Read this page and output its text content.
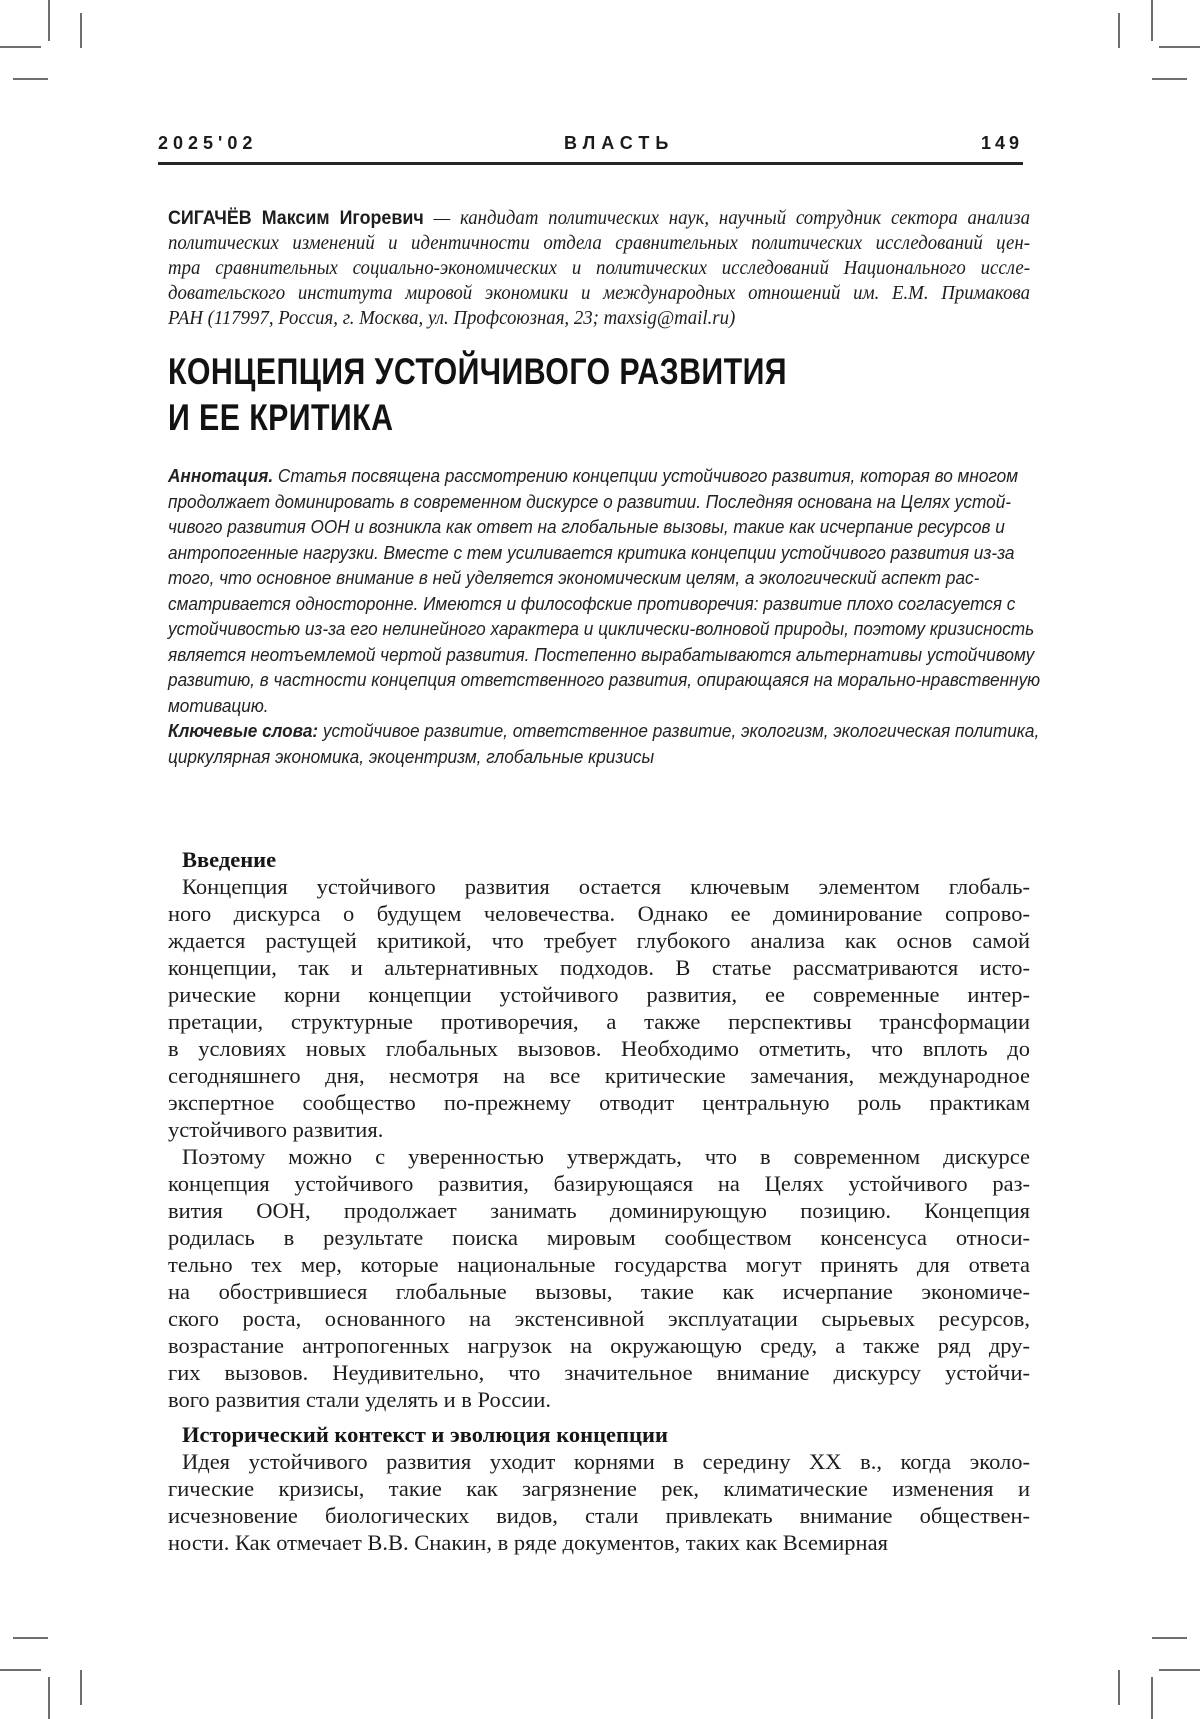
2025'02	ВЛАСТЬ	149
СИГАЧЁВ Максим Игоревич — кандидат политических наук, научный сотрудник сектора анализа
политических изменений и идентичности отдела сравнительных политических исследований цен-
тра сравнительных социально-экономических и политических исследований Национального иссле-
довательского института мировой экономики и международных отношений им. Е.М. Примакова
РАН (117997, Россия, г. Москва, ул. Профсоюзная, 23; maxsig@mail.ru)
КОНЦЕПЦИЯ УСТОЙЧИВОГО РАЗВИТИЯ
И ЕЕ КРИТИКА
Аннотация. Статья посвящена рассмотрению концепции устойчивого развития, которая во многом
продолжает доминировать в современном дискурсе о развитии. Последняя основана на Целях устой-
чивого развития ООН и возникла как ответ на глобальные вызовы, такие как исчерпание ресурсов и
антропогенные нагрузки. Вместе с тем усиливается критика концепции устойчивого развития из-за
того, что основное внимание в ней уделяется экономическим целям, а экологический аспект рас-
сматривается односторонне. Имеются и философские противоречия: развитие плохо согласуется с
устойчивостью из-за его нелинейного характера и циклически-волновой природы, поэтому кризисность
является неотъемлемой чертой развития. Постепенно вырабатываются альтернативы устойчивому
развитию, в частности концепция ответственного развития, опирающаяся на морально-нравственную
мотивацию.
Ключевые слова: устойчивое развитие, ответственное развитие, экологизм, экологическая политика,
циркулярная экономика, экоцентризм, глобальные кризисы
Введение
Концепция устойчивого развития остается ключевым элементом глобаль-
ного дискурса о будущем человечества. Однако ее доминирование сопрово-
ждается растущей критикой, что требует глубокого анализа как основ самой
концепции, так и альтернативных подходов. В статье рассматриваются исто-
рические корни концепции устойчивого развития, ее современные интер-
претации, структурные противоречия, а также перспективы трансформации
в условиях новых глобальных вызовов. Необходимо отметить, что вплоть до
сегодняшнего дня, несмотря на все критические замечания, международное
экспертное сообщество по-прежнему отводит центральную роль практикам
устойчивого развития.
Поэтому можно с уверенностью утверждать, что в современном дискурсе
концепция устойчивого развития, базирующаяся на Целях устойчивого раз-
вития ООН, продолжает занимать доминирующую позицию. Концепция
родилась в результате поиска мировым сообществом консенсуса относи-
тельно тех мер, которые национальные государства могут принять для ответа
на обострившиеся глобальные вызовы, такие как исчерпание экономиче-
ского роста, основанного на экстенсивной эксплуатации сырьевых ресурсов,
возрастание антропогенных нагрузок на окружающую среду, а также ряд дру-
гих вызовов. Неудивительно, что значительное внимание дискурсу устойчи-
вого развития стали уделять и в России.
Исторический контекст и эволюция концепции
Идея устойчивого развития уходит корнями в середину XX в., когда эколо-
гические кризисы, такие как загрязнение рек, климатические изменения и
исчезновение биологических видов, стали привлекать внимание обществен-
ности. Как отмечает В.В. Снакин, в ряде документов, таких как Всемирная
